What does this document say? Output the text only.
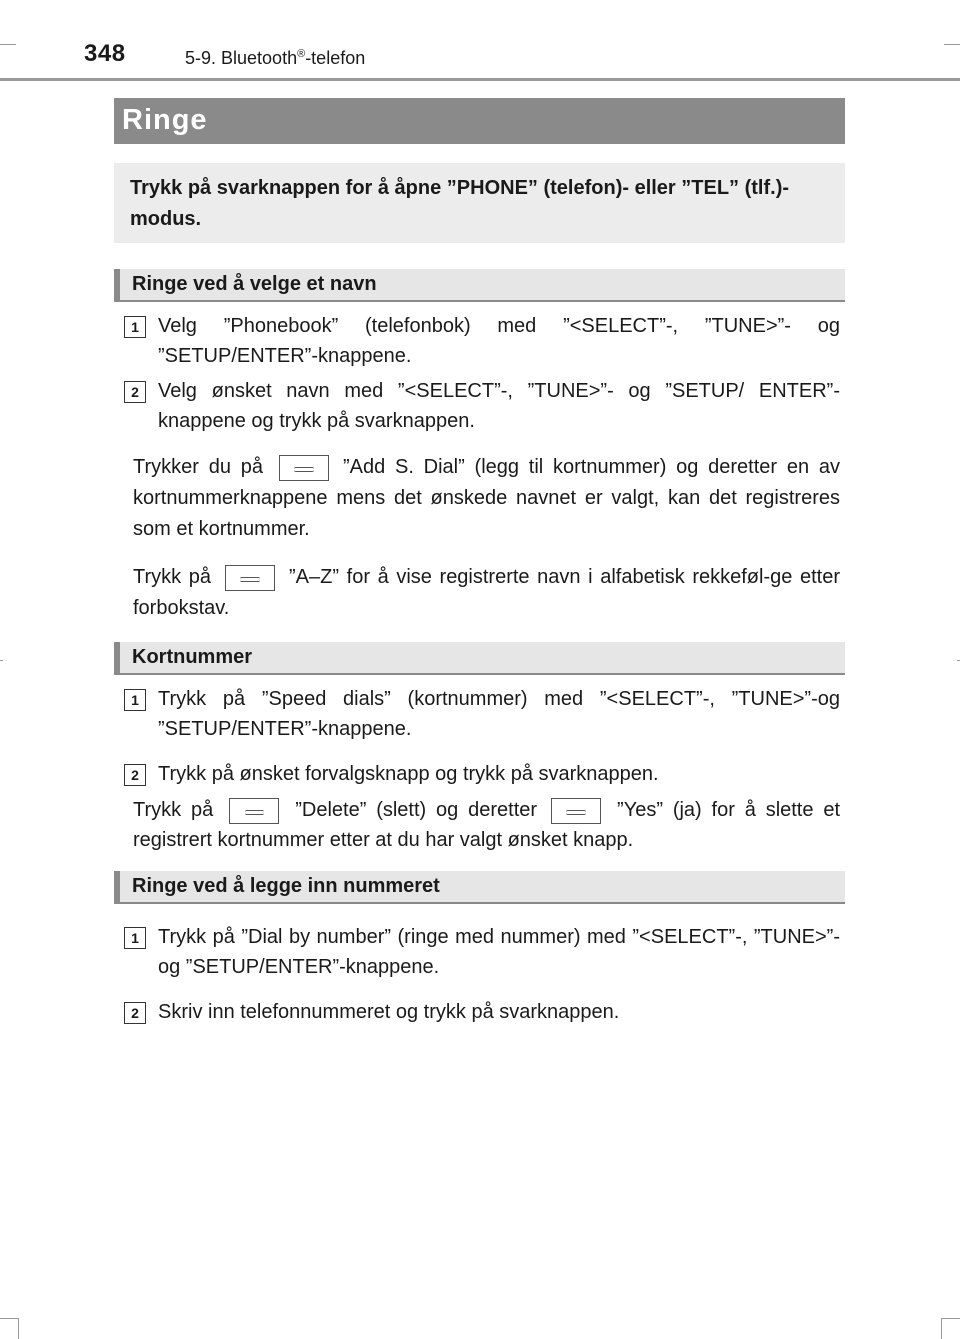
348	5-9. Bluetooth®-telefon
Ringe

Trykk på svarknappen for å åpne ”PHONE” (telefon)- eller ”TEL” (tlf.)-modus.

Ringe ved å velge et navn
1 Velg ”Phonebook” (telefonbok) med ”<SELECT”-, ”TUNE>”- og ”SETUP/ENTER”-knappene.
2 Velg ønsket navn med ”<SELECT”-, ”TUNE>”- og ”SETUP/ ENTER”-knappene og trykk på svarknappen.
Trykker du på	”Add S. Dial” (legg til kortnummer) og deretter en av kortnummerknappene mens det ønskede navnet er valgt, kan det registreres som et kortnummer.
Trykk på	”A–Z” for å vise registrerte navn i alfabetisk rekkeføl-ge etter forbokstav.
Kortnummer
1 Trykk på ”Speed dials” (kortnummer) med ”<SELECT”-, ”TUNE>”-og ”SETUP/ENTER”-knappene.
2 Trykk på ønsket forvalgsknapp og trykk på svarknappen.
Trykk på	”Delete” (slett) og deretter	”Yes” (ja) for å slette et registrert kortnummer etter at du har valgt ønsket knapp.
Ringe ved å legge inn nummeret
1 Trykk på ”Dial by number” (ringe med nummer) med ”<SELECT”-, ”TUNE>”- og ”SETUP/ENTER”-knappene.
2 Skriv inn telefonnummeret og trykk på svarknappen.
